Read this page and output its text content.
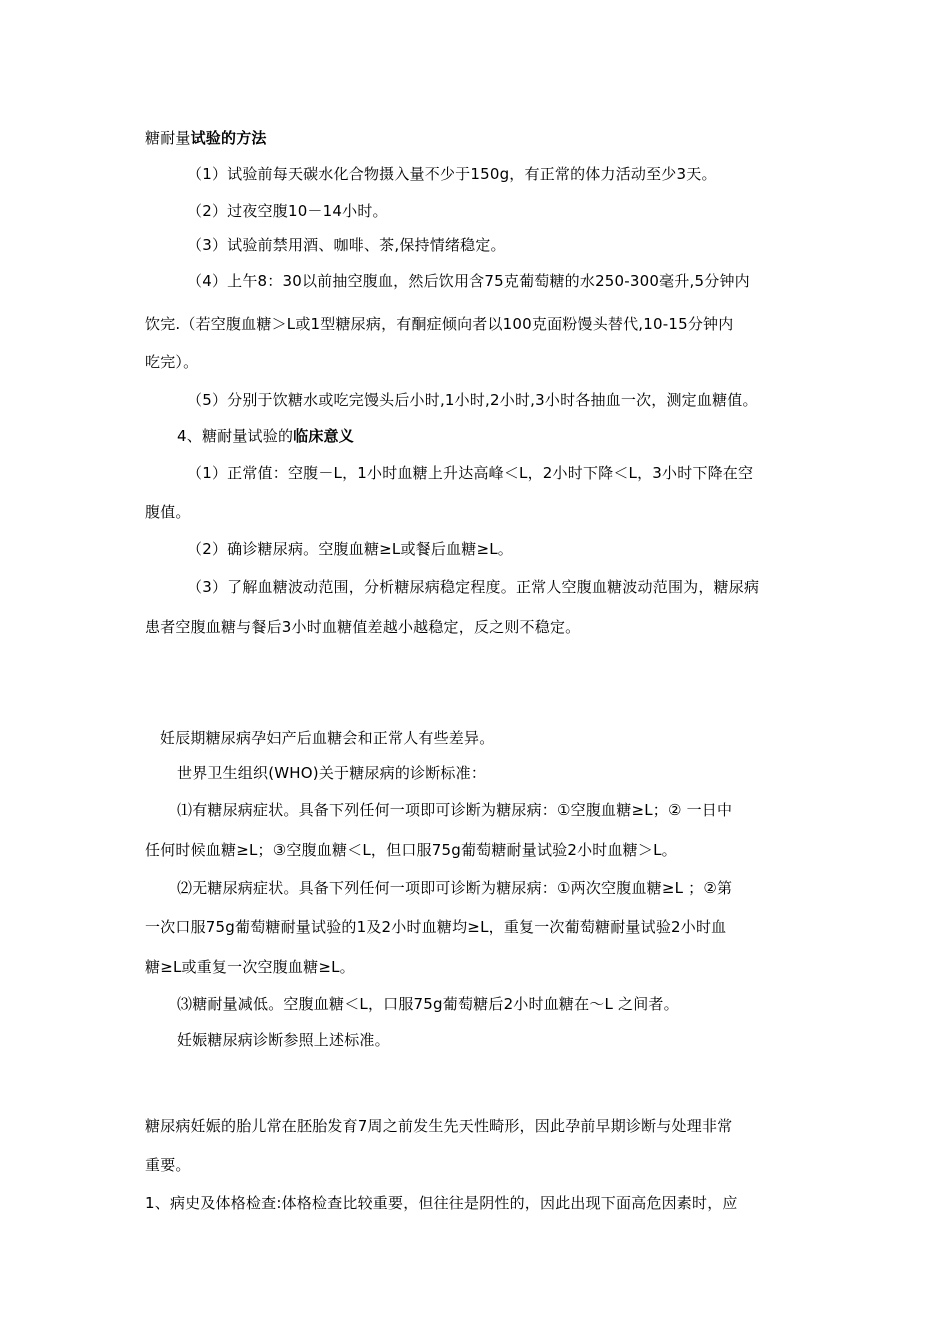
糖耐量试验的方法
（1）试验前每天碳水化合物摄入量不少于150g，有正常的体力活动至少3天。
（2）过夜空腹10－14小时。
（3）试验前禁用酒、咖啡、茶,保持情绪稳定。
（4）上午8：30以前抽空腹血，然后饮用含75克葡萄糖的水250-300毫升,5分钟内
饮完.（若空腹血糖＞L或1型糖尿病，有酮症倾向者以100克面粉馒头替代,10-15分钟内
吃完）。
（5）分别于饮糖水或吃完馒头后小时,1小时,2小时,3小时各抽血一次，测定血糖值。
4、糖耐量试验的临床意义
（1）正常值：空腹－L，1小时血糖上升达高峰＜L，2小时下降＜L，3小时下降在空
腹值。
（2）确诊糖尿病。空腹血糖≥L或餐后血糖≥L。
（3）了解血糖波动范围，分析糖尿病稳定程度。正常人空腹血糖波动范围为，糖尿病
患者空腹血糖与餐后3小时血糖值差越小越稳定，反之则不稳定。
妊辰期糖尿病孕妇产后血糖会和正常人有些差异。
世界卫生组织(WHO)关于糖尿病的诊断标准：
⑴有糖尿病症状。具备下列任何一项即可诊断为糖尿病：①空腹血糖≥L；② 一日中
任何时候血糖≥L；③空腹血糖＜L，但口服75g葡萄糖耐量试验2小时血糖＞L。
⑵无糖尿病症状。具备下列任何一项即可诊断为糖尿病：①两次空腹血糖≥L ；②第
一次口服75g葡萄糖耐量试验的1及2小时血糖均≥L，重复一次葡萄糖耐量试验2小时血
糖≥L或重复一次空腹血糖≥L。
⑶糖耐量减低。空腹血糖＜L，口服75g葡萄糖后2小时血糖在～L 之间者。
妊娠糖尿病诊断参照上述标准。
糖尿病妊娠的胎儿常在胚胎发育7周之前发生先天性畸形，因此孕前早期诊断与处理非常
重要。
1、病史及体格检查:体格检查比较重要，但往往是阴性的，因此出现下面高危因素时，应
